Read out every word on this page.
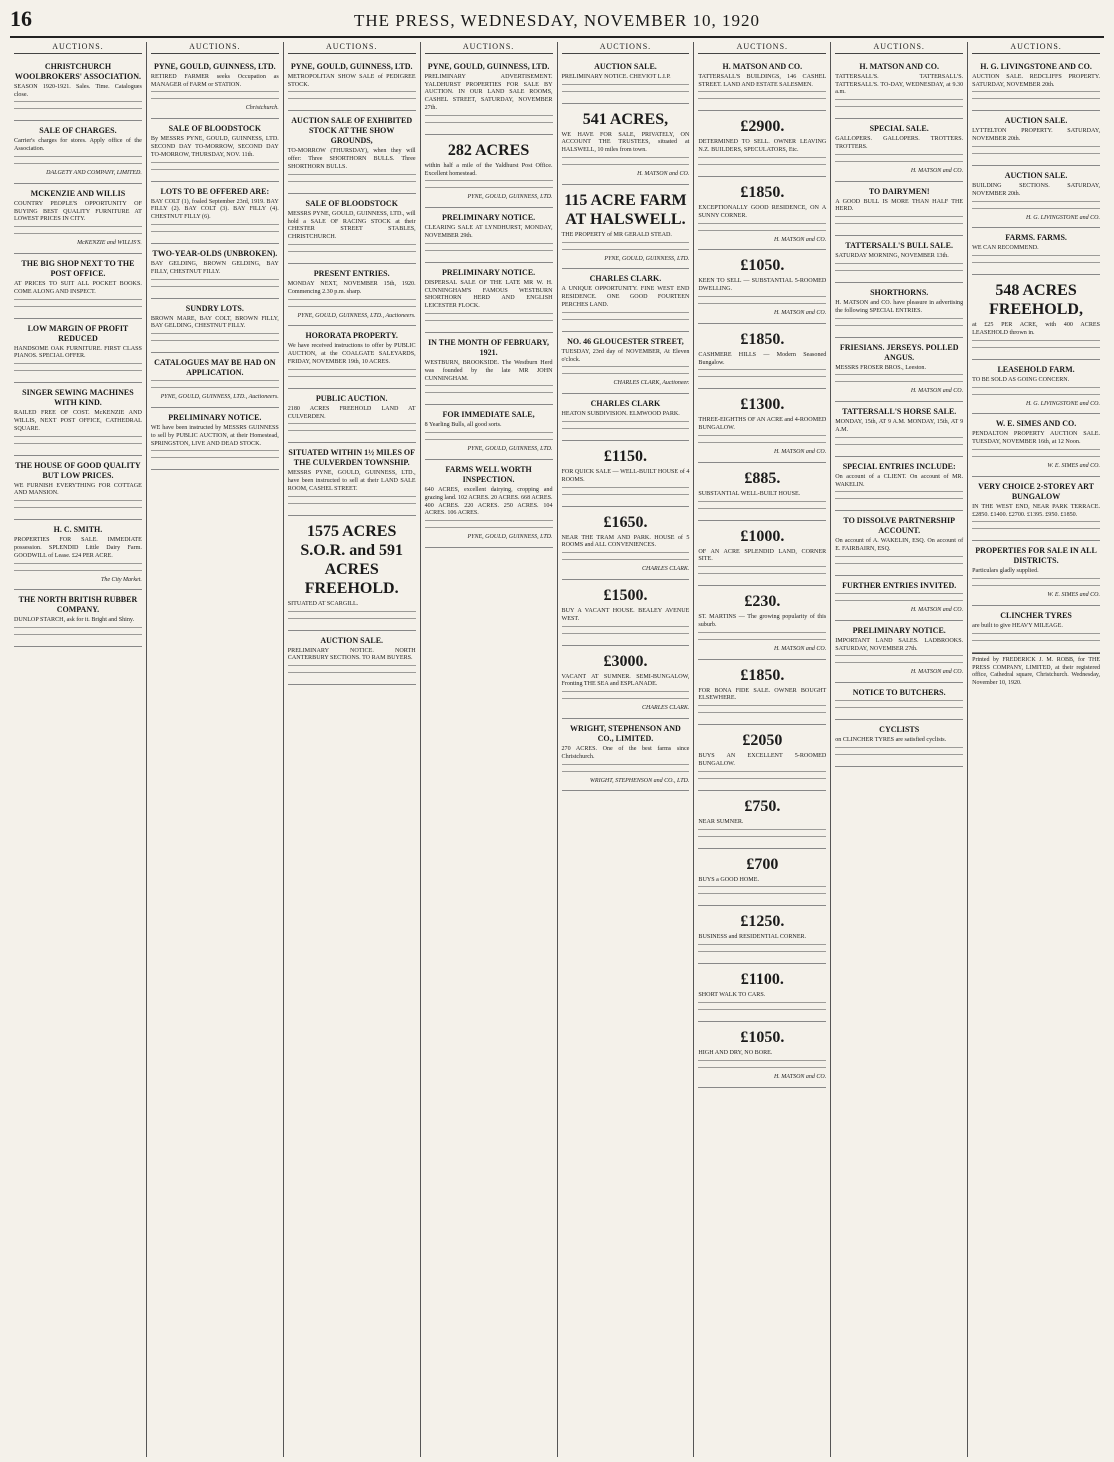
16	THE PRESS, WEDNESDAY, NOVEMBER 10, 1920
AUCTIONS.
CHRISTCHURCH WOOLBROKERS' ASSOCIATION.
SEASON 1920-1921. Sales. Time. Catalogues close.
SALE OF CHARGES.
Carrier's charges for stores. Apply office of the Association.
DALGETY AND COMPANY, LIMITED.
MCKENZIE AND WILLIS
COUNTRY PEOPLE'S OPPORTUNITY OF BUYING BEST QUALITY FURNITURE AT LOWEST PRICES IN CITY.
McKENZIE and WILLIS'S.
THE BIG SHOP NEXT TO THE POST OFFICE.
AT PRICES TO SUIT ALL POCKET BOOKS. COME ALONG AND INSPECT.
LOW MARGIN OF PROFIT REDUCED
HANDSOME OAK FURNITURE. FIRST CLASS PIANOS. SPECIAL OFFER.
SINGER SEWING MACHINES WITH KIND.
RAILED FREE OF COST. McKENZIE AND WILLIS, NEXT POST OFFICE, CATHEDRAL SQUARE.
THE HOUSE OF GOOD QUALITY BUT LOW PRICES.
WE FURNISH EVERYTHING FOR COTTAGE AND MANSION.
H. C. SMITH.
PROPERTIES FOR SALE. IMMEDIATE possession. SPLENDID Little Dairy Farm. GOODWILL of Lease. £24 PER ACRE.
The City Market.
THE NORTH BRITISH RUBBER COMPANY.
DUNLOP STARCH, ask for it. Bright and Shiny.
AUCTIONS.
PYNE, GOULD, GUINNESS, LTD.
RETIRED FARMER seeks Occupation as MANAGER of FARM or STATION.
Christchurch.
SALE OF BLOODSTOCK
By MESSRS PYNE, GOULD, GUINNESS, LTD. SECOND DAY TO-MORROW, SECOND DAY TO-MORROW, THURSDAY, NOV. 11th.
LOTS TO BE OFFERED ARE:
BAY COLT (1), foaled September 23rd, 1919. BAY FILLY (2). BAY COLT (3). BAY FILLY (4). CHESTNUT FILLY (6).
TWO-YEAR-OLDS (UNBROKEN).
BAY GELDING, BROWN GELDING, BAY FILLY, CHESTNUT FILLY.
SUNDRY LOTS.
BROWN MARE, BAY COLT, BROWN FILLY, BAY GELDING, CHESTNUT FILLY.
CATALOGUES MAY BE HAD ON APPLICATION.
PYNE, GOULD, GUINNESS, LTD., Auctioneers.
PRELIMINARY NOTICE.
WE have been instructed by MESSRS GUINNESS to sell by PUBLIC AUCTION, at their Homestead, SPRINGSTON, LIVE AND DEAD STOCK.
AUCTIONS.
PYNE, GOULD, GUINNESS, LTD.
METROPOLITAN SHOW SALE of PEDIGREE STOCK.
AUCTION SALE OF EXHIBITED STOCK AT THE SHOW GROUNDS,
TO-MORROW (THURSDAY), when they will offer: Three SHORTHORN BULLS. Three SHORTHORN BULLS.
SALE OF BLOODSTOCK
MESSRS PYNE, GOULD, GUINNESS, LTD., will hold a SALE OF RACING STOCK at their CHESTER STREET STABLES, CHRISTCHURCH.
PRESENT ENTRIES.
MONDAY NEXT, NOVEMBER 15th, 1920. Commencing 2.30 p.m. sharp.
PYNE, GOULD, GUINNESS, LTD., Auctioneers.
HORORATA PROPERTY.
We have received instructions to offer by PUBLIC AUCTION, at the COALGATE SALEYARDS, FRIDAY, NOVEMBER 19th, 10 ACRES.
PUBLIC AUCTION.
2180 ACRES FREEHOLD LAND AT CULVERDEN.
SITUATED WITHIN 1½ MILES OF THE CULVERDEN TOWNSHIP.
MESSRS PYNE, GOULD, GUINNESS, LTD., have been instructed to sell at their LAND SALE ROOM, CASHEL STREET.
1575 ACRES S.O.R. and 591 ACRES FREEHOLD.
SITUATED AT SCARGILL.
AUCTION SALE.
PRELIMINARY NOTICE. NORTH CANTERBURY SECTIONS. TO RAM BUYERS.
AUCTIONS.
PYNE, GOULD, GUINNESS, LTD.
PRELIMINARY ADVERTISEMENT. YALDHURST PROPERTIES FOR SALE BY AUCTION. IN OUR LAND SALE ROOMS, CASHEL STREET, SATURDAY, NOVEMBER 27th.
282 ACRES
within half a mile of the Yaldhurst Post Office. Excellent homestead.
PYNE, GOULD, GUINNESS, LTD.
PRELIMINARY NOTICE.
CLEARING SALE AT LYNDHURST, MONDAY, NOVEMBER 29th.
PRELIMINARY NOTICE.
DISPERSAL SALE OF THE LATE MR W. H. CUNNINGHAM'S FAMOUS WESTBURN SHORTHORN HERD AND ENGLISH LEICESTER FLOCK.
IN THE MONTH OF FEBRUARY, 1921.
WESTBURN, BROOKSIDE. The Westburn Herd was founded by the late MR JOHN CUNNINGHAM.
FOR IMMEDIATE SALE,
8 Yearling Bulls, all good sorts.
PYNE, GOULD, GUINNESS, LTD.
FARMS WELL WORTH INSPECTION.
640 ACRES, excellent dairying, cropping and grazing land. 102 ACRES. 20 ACRES. 668 ACRES. 400 ACRES. 220 ACRES. 250 ACRES. 104 ACRES. 106 ACRES.
PYNE, GOULD, GUINNESS, LTD.
AUCTIONS.
AUCTION SALE.
PRELIMINARY NOTICE. CHEVIOT L.I.P.
541 ACRES,
WE HAVE FOR SALE, PRIVATELY, ON ACCOUNT THE TRUSTEES, situated at HALSWELL, 10 miles from town.
H. MATSON and CO.
115 ACRE FARM AT HALSWELL.
THE PROPERTY of MR GERALD STEAD.
PYNE, GOULD, GUINNESS, LTD.
CHARLES CLARK.
A UNIQUE OPPORTUNITY. FINE WEST END RESIDENCE. ONE GOOD FOURTEEN PERCHES LAND.
NO. 46 GLOUCESTER STREET,
TUESDAY, 23rd day of NOVEMBER, At Eleven o'clock.
CHARLES CLARK, Auctioneer.
CHARLES CLARK
HEATON SUBDIVISION. ELMWOOD PARK.
£1150.
FOR QUICK SALE — WELL-BUILT HOUSE of 4 ROOMS.
£1650.
NEAR THE TRAM AND PARK. HOUSE of 5 ROOMS and ALL CONVENIENCES.
CHARLES CLARK.
£1500.
BUY A VACANT HOUSE. BEALEY AVENUE WEST.
£3000.
VACANT AT SUMNER. SEMI-BUNGALOW, Fronting THE SEA and ESPLANADE.
CHARLES CLARK.
WRIGHT, STEPHENSON AND CO., LIMITED.
270 ACRES. One of the best farms since Christchurch.
WRIGHT, STEPHENSON and CO., LTD.
AUCTIONS.
H. MATSON AND CO.
TATTERSALL'S BUILDINGS, 146 CASHEL STREET. LAND AND ESTATE SALESMEN.
£2900.
DETERMINED TO SELL. OWNER LEAVING N.Z. BUILDERS, SPECULATORS, Etc.
£1850.
EXCEPTIONALLY GOOD RESIDENCE, ON A SUNNY CORNER.
H. MATSON and CO.
£1050.
KEEN TO SELL — SUBSTANTIAL 5-ROOMED DWELLING.
H. MATSON and CO.
£1850.
CASHMERE HILLS — Modern Seasoned Bungalow.
£1300.
THREE-EIGHTHS OF AN ACRE and 4-ROOMED BUNGALOW.
H. MATSON and CO.
£885.
SUBSTANTIAL WELL-BUILT HOUSE.
£1000.
OF AN ACRE SPLENDID LAND, CORNER SITE.
£230.
ST. MARTINS — The growing popularity of this suburb.
H. MATSON and CO.
£1850.
FOR BONA FIDE SALE. OWNER BOUGHT ELSEWHERE.
£2050
BUYS AN EXCELLENT 5-ROOMED BUNGALOW.
£750.
NEAR SUMNER.
£700
BUYS a GOOD HOME.
£1250.
BUSINESS and RESIDENTIAL CORNER.
£1100.
SHORT WALK TO CARS.
£1050.
HIGH AND DRY, NO BORE.
H. MATSON and CO.
AUCTIONS.
H. MATSON AND CO.
TATTERSALL'S. TATTERSALL'S. TATTERSALL'S. TO-DAY, WEDNESDAY, at 9.30 a.m.
SPECIAL SALE.
GALLOPERS. GALLOPERS. TROTTERS. TROTTERS.
H. MATSON and CO.
TO DAIRYMEN!
A GOOD BULL IS MORE THAN HALF THE HERD.
TATTERSALL'S BULL SALE.
SATURDAY MORNING, NOVEMBER 13th.
SHORTHORNS.
H. MATSON and CO. have pleasure in advertising the following SPECIAL ENTRIES.
FRIESIANS. JERSEYS. POLLED ANGUS.
MESSRS FROSER BROS., Leeston.
H. MATSON and CO.
TATTERSALL'S HORSE SALE.
MONDAY, 15th, AT 9 A.M. MONDAY, 15th, AT 9 A.M.
SPECIAL ENTRIES INCLUDE:
On account of a CLIENT. On account of MR. WAKELIN.
TO DISSOLVE PARTNERSHIP ACCOUNT.
On account of A. WAKELIN, ESQ. On account of E. FAIRBAIRN, ESQ.
FURTHER ENTRIES INVITED.
H. MATSON and CO.
PRELIMINARY NOTICE.
IMPORTANT LAND SALES. LADBROOKS. SATURDAY, NOVEMBER 27th.
H. MATSON and CO.
NOTICE TO BUTCHERS.
CYCLISTS
on CLINCHER TYRES are satisfied cyclists.
AUCTIONS.
H. G. LIVINGSTONE AND CO.
AUCTION SALE. REDCLIFFS PROPERTY. SATURDAY, NOVEMBER 20th.
AUCTION SALE.
LYTTELTON PROPERTY. SATURDAY, NOVEMBER 20th.
AUCTION SALE.
BUILDING SECTIONS. SATURDAY, NOVEMBER 20th.
H. G. LIVINGSTONE and CO.
FARMS. FARMS.
WE CAN RECOMMEND.
548 ACRES FREEHOLD,
at £25 PER ACRE, with 400 ACRES LEASEHOLD thrown in.
LEASEHOLD FARM.
TO BE SOLD AS GOING CONCERN.
H. G. LIVINGSTONE and CO.
W. E. SIMES AND CO.
PENDALTON PROPERTY AUCTION SALE. TUESDAY, NOVEMBER 16th, at 12 Noon.
W. E. SIMES and CO.
VERY CHOICE 2-STOREY ART BUNGALOW
IN THE WEST END, NEAR PARK TERRACE. £2850. £1400. £2700. £1395. £950. £1850.
PROPERTIES FOR SALE IN ALL DISTRICTS.
Particulars gladly supplied.
W. E. SIMES and CO.
CLINCHER TYRES
are built to give HEAVY MILEAGE.
Printed by FREDERICK J. M. ROBB, for THE PRESS COMPANY, LIMITED, at their registered office, Cathedral square, Christchurch. Wednesday, November 10, 1920.
